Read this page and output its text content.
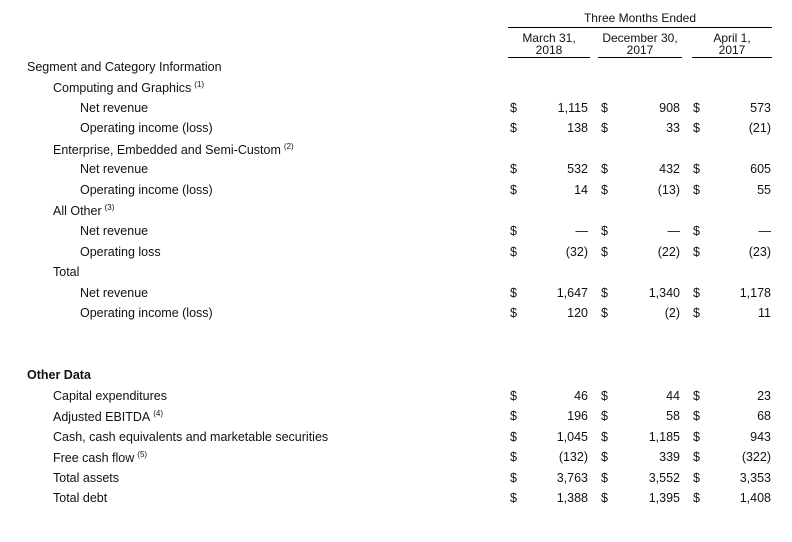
Three Months Ended
March 31,
2018
December 30,
2017
April 1,
2017
Segment and Category Information
Computing and Graphics $^{(1)}$
Net revenue	$	1,115 $	908 $	573
Operating income (loss)	$	138 $	33 $	(21)
Enterprise, Embedded and Semi-Custom $^{(2)}$
Net revenue	$	532 $	432 $	605
Operating income (loss)	$	14 $	(13) $	55
All Other $^{(3)}$
Net revenue	$	— $	— $	—
Operating loss	$	(32) $	(22) $	(23)
Total
Net revenue	$	1,647 $	1,340 $	1,178
Operating income (loss)	$	120 $	(2) $	11
Other Data
Capital expenditures	$	46 $	44 $	23
Adjusted EBITDA $^{(4)}$	$	196 $	58 $	68
Cash, cash equivalents and marketable securities	$	1,045 $	1,185 $	943
Free cash flow $^{(5)}$	$	(132) $	339 $	(322)
Total assets	$	3,763 $	3,552 $	3,353
Total debt	$	1,388 $	1,395 $	1,408
